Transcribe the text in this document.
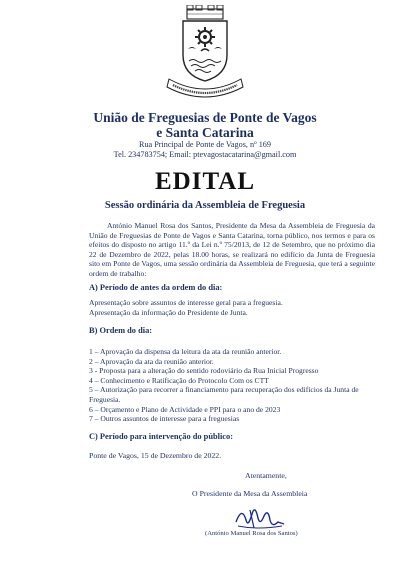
União de Freguesias de Ponte de Vagos
e Santa Catarina
Rua Principal de Ponte de Vagos, nº 169
Tel. 234783754; Email: ptevagostacatarina@gmail.com
EDITAL
Sessão ordinária da Assembleia de Freguesia
António Manuel Rosa dos Santos, Presidente da Mesa da Assembleia de Freguesia da União de Freguesias de Ponte de Vagos e Santa Catarina, torna público, nos termos e para os efeitos do disposto no artigo 11.º da Lei n.º 75/2013, de 12 de Setembro, que no próximo dia 22 de Dezembro de 2022, pelas 18.00 horas, se realizará no edifício da Junta de Freguesia sito em Ponte de Vagos, uma sessão ordinária da Assembleia de Freguesia, que terá a seguinte ordem de trabalho:
A) Período de antes da ordem do dia:
Apresentação sobre assuntos de interesse geral para a freguesia.
Apresentação da informação do Presidente de Junta.
B) Ordem do dia:
1 – Aprovação da dispensa da leitura da ata da reunião anterior.
2 – Aprovação da ata da reunião anterior.
3 - Proposta para a alteração do sentido rodoviário da Rua Inicial Progresso
4 – Conhecimento e Ratificação do Protocolo Com os CTT
5 – Autorização para recorrer a financiamento para recuperação dos edifícios da Junta de Freguesia.
6 – Orçamento e Plano de Actividade e PPI para o ano de 2023
7 – Outros assuntos de interesse para a freguesias
C) Período para intervenção do público:
Ponte de Vagos, 15 de Dezembro de 2022.
Atentamente,
O Presidente da Mesa da Assembleia
(António Manuel Rosa dos Santos)
